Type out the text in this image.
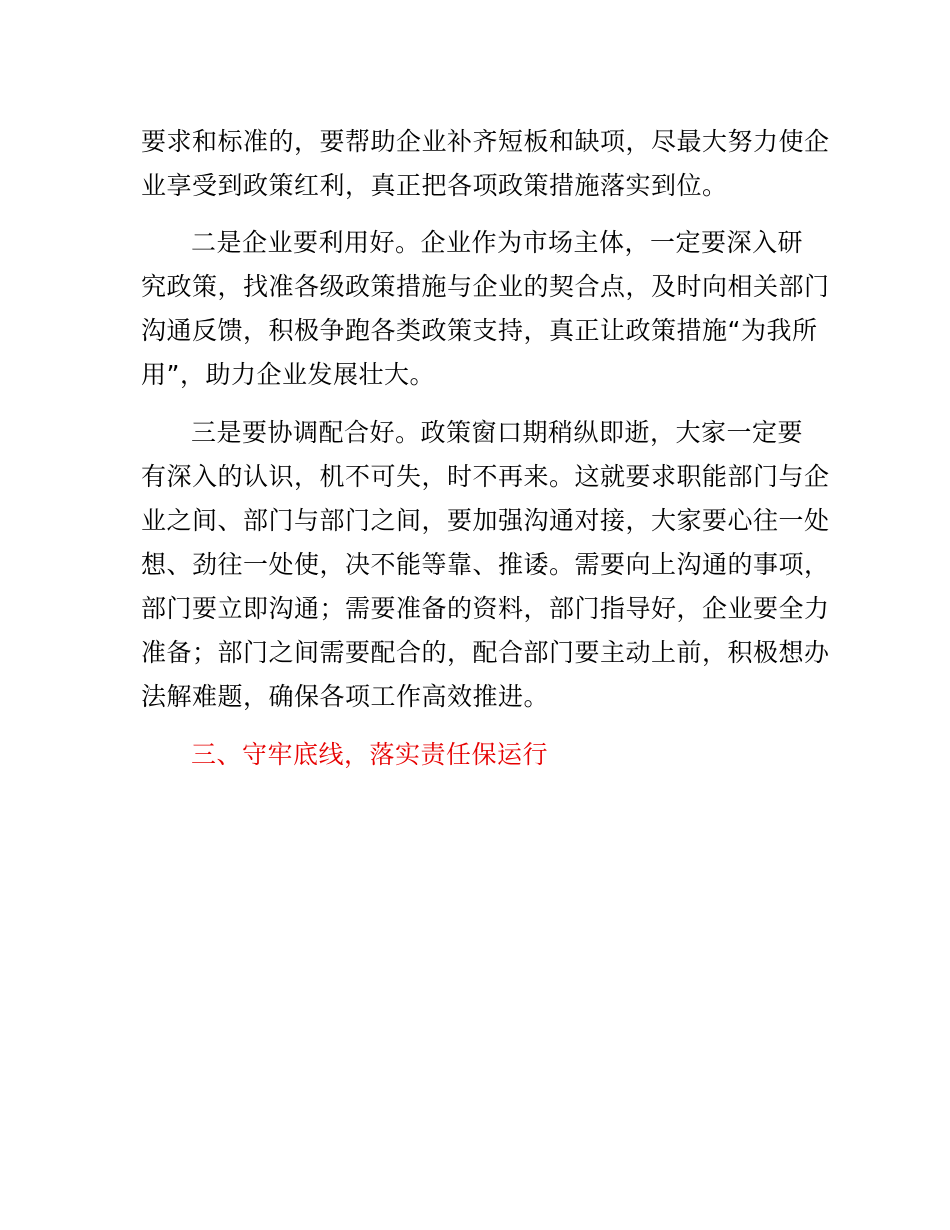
要求和标准的，要帮助企业补齐短板和缺项，尽最大努力使企
业享受到政策红利，真正把各项政策措施落实到位。
二是企业要利用好。企业作为市场主体，一定要深入研
究政策，找准各级政策措施与企业的契合点，及时向相关部门
沟通反馈，积极争跑各类政策支持，真正让政策措施“为我所
用”，助力企业发展壮大。
三是要协调配合好。政策窗口期稍纵即逝，大家一定要
有深入的认识，机不可失，时不再来。这就要求职能部门与企
业之间、部门与部门之间，要加强沟通对接，大家要心往一处
想、劲往一处使，决不能等靠、推诿。需要向上沟通的事项，
部门要立即沟通；需要准备的资料，部门指导好，企业要全力
准备；部门之间需要配合的，配合部门要主动上前，积极想办
法解难题，确保各项工作高效推进。
三、守牢底线，落实责任保运行
